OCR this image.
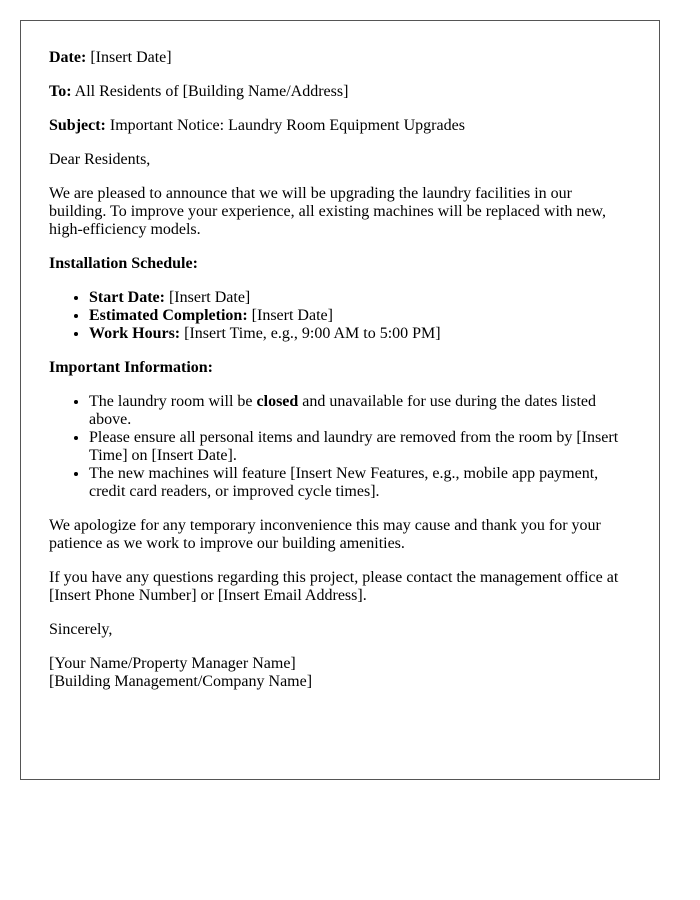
Date: [Insert Date]

To: All Residents of [Building Name/Address]

Subject: Important Notice: Laundry Room Equipment Upgrades

Dear Residents,

We are pleased to announce that we will be upgrading the laundry facilities in our building. To improve your experience, all existing machines will be replaced with new, high-efficiency models.

Installation Schedule:

• Start Date: [Insert Date]
• Estimated Completion: [Insert Date]
• Work Hours: [Insert Time, e.g., 9:00 AM to 5:00 PM]

Important Information:

• The laundry room will be closed and unavailable for use during the dates listed above.
• Please ensure all personal items and laundry are removed from the room by [Insert Time] on [Insert Date].
• The new machines will feature [Insert New Features, e.g., mobile app payment, credit card readers, or improved cycle times].

We apologize for any temporary inconvenience this may cause and thank you for your patience as we work to improve our building amenities.

If you have any questions regarding this project, please contact the management office at [Insert Phone Number] or [Insert Email Address].

Sincerely,

[Your Name/Property Manager Name]
[Building Management/Company Name]
